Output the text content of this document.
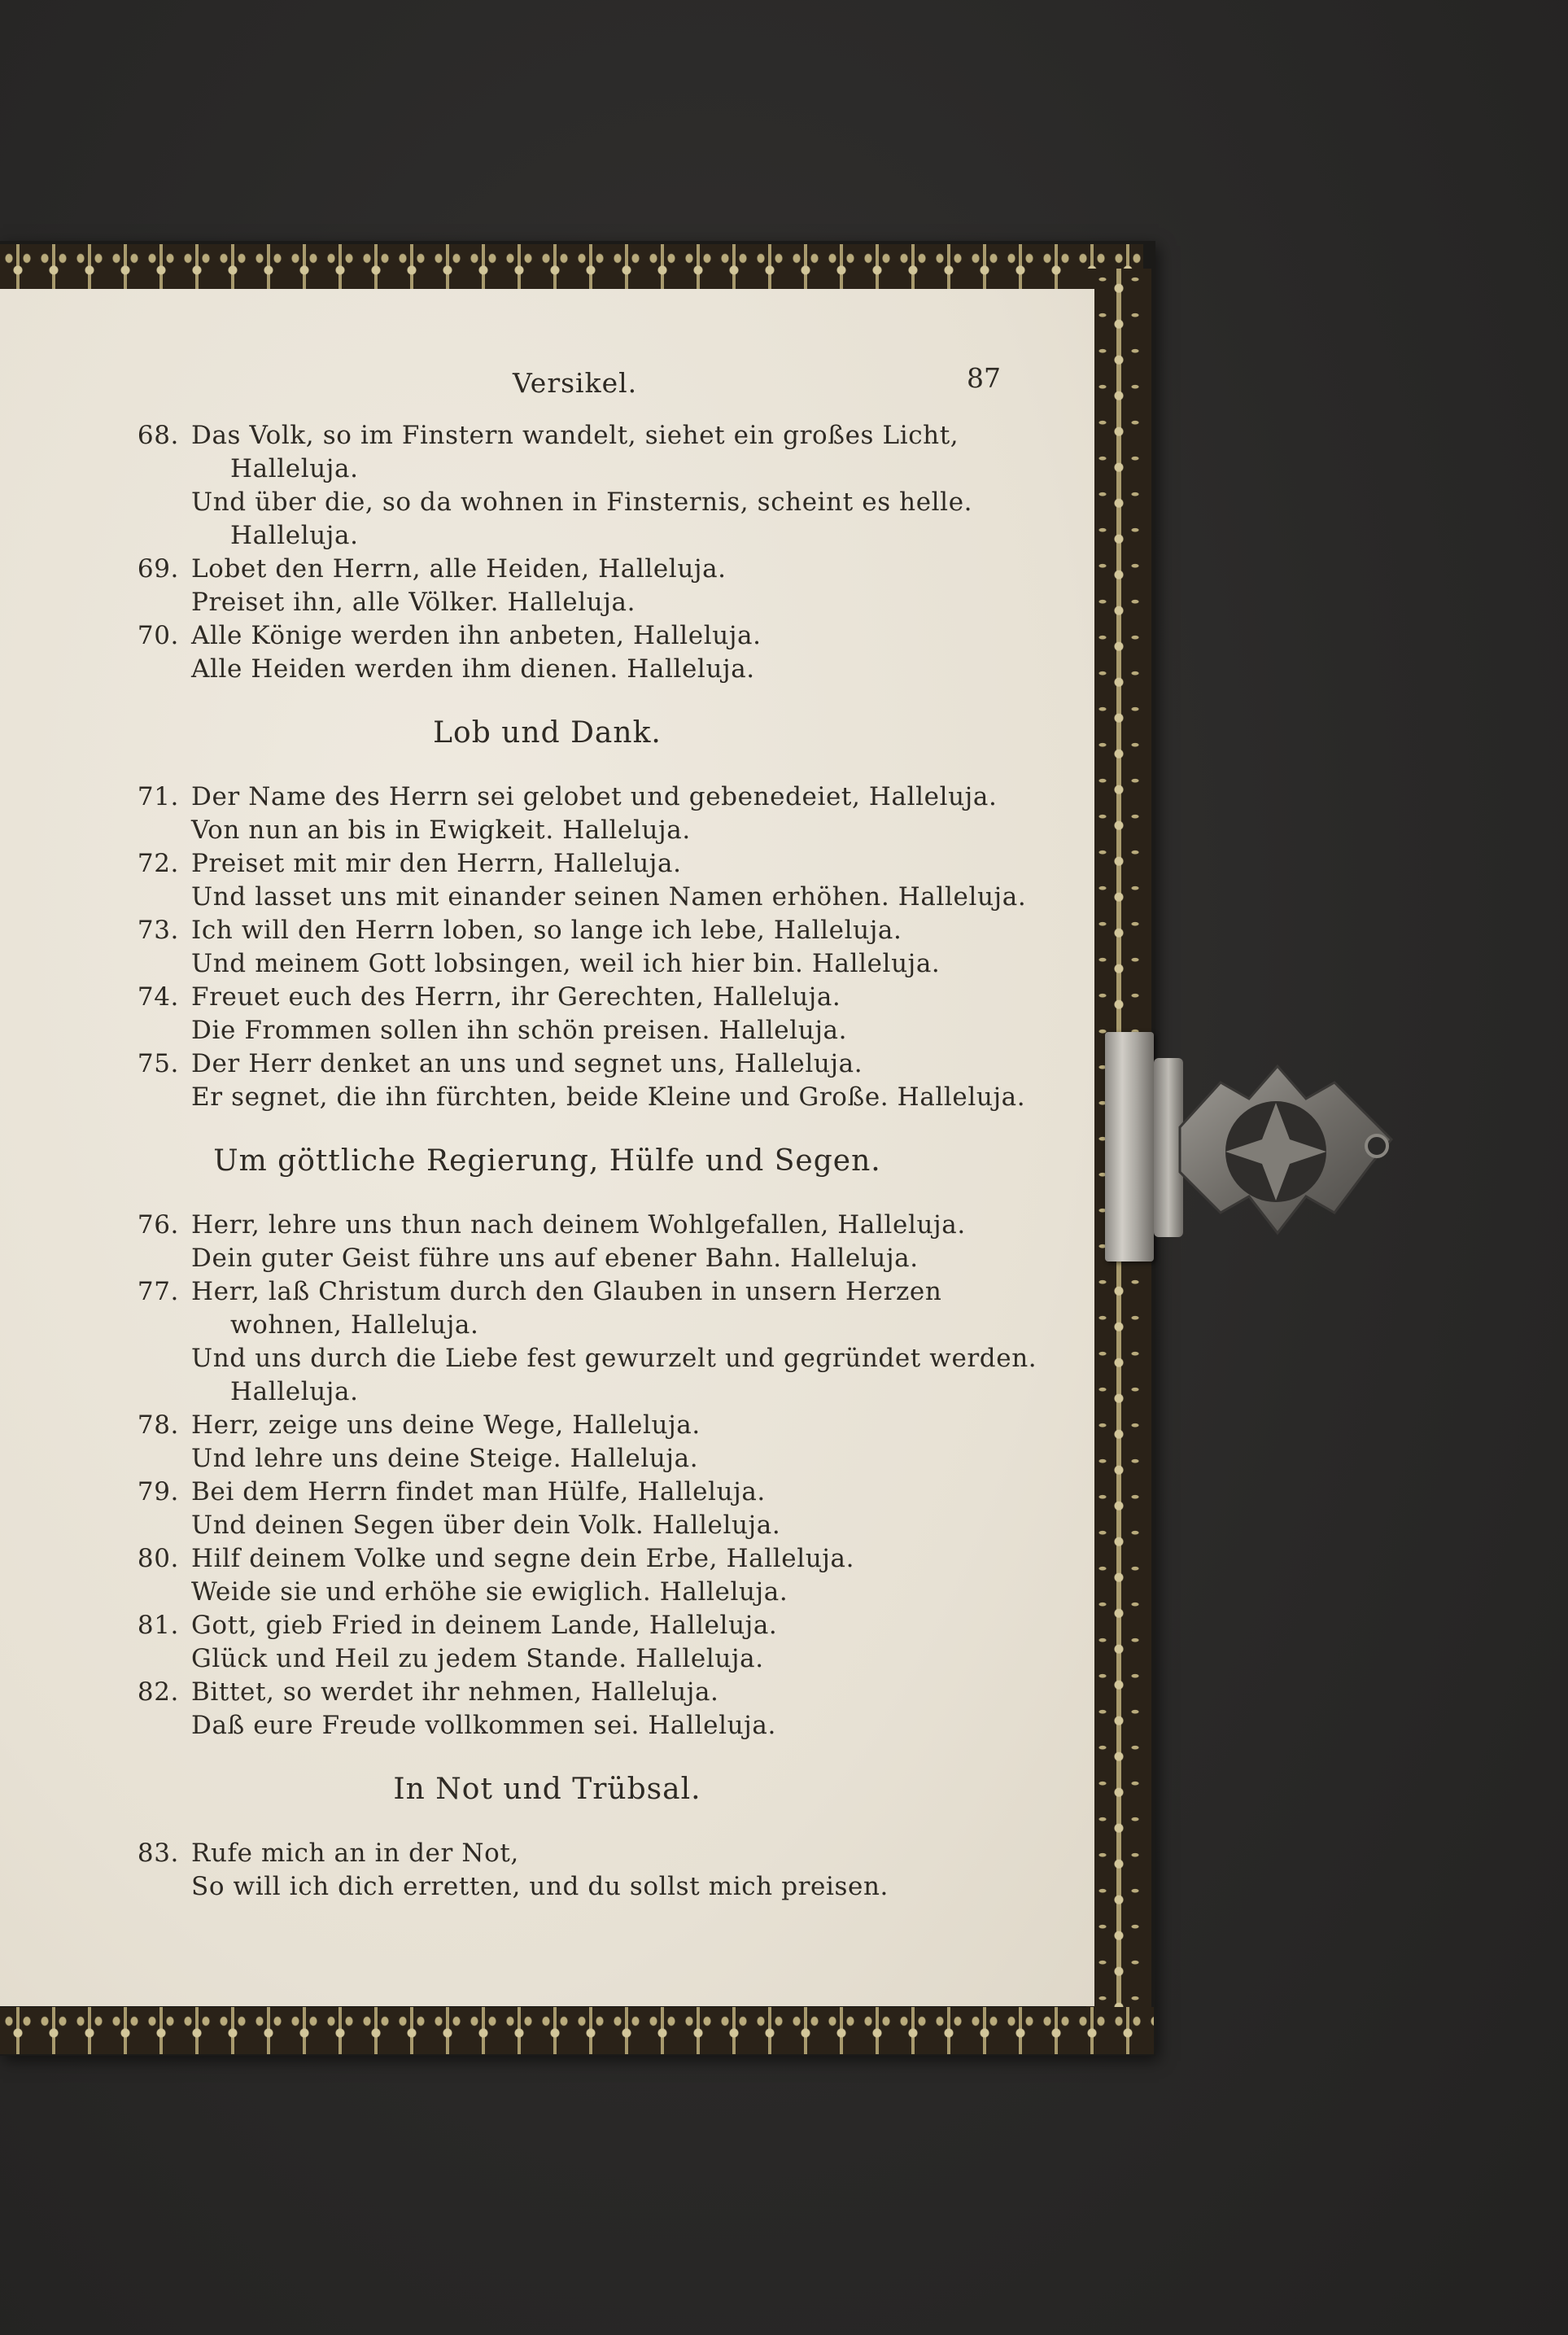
Versikel.	87
68. Das Volk, so im Finstern wandelt, siehet ein großes Licht,
Halleluja.
Und über die, so da wohnen in Finsternis, scheint es helle.
Halleluja.
69. Lobet den Herrn, alle Heiden, Halleluja.
Preiset ihn, alle Völker. Halleluja.
70. Alle Könige werden ihn anbeten, Halleluja.
Alle Heiden werden ihm dienen. Halleluja.
Lob und Dank.
71. Der Name des Herrn sei gelobet und gebenedeiet, Halleluja.
Von nun an bis in Ewigkeit. Halleluja.
72. Preiset mit mir den Herrn, Halleluja.
Und lasset uns mit einander seinen Namen erhöhen. Halleluja.
73. Ich will den Herrn loben, so lange ich lebe, Halleluja.
Und meinem Gott lobsingen, weil ich hier bin. Halleluja.
74. Freuet euch des Herrn, ihr Gerechten, Halleluja.
Die Frommen sollen ihn schön preisen. Halleluja.
75. Der Herr denket an uns und segnet uns, Halleluja.
Er segnet, die ihn fürchten, beide Kleine und Große. Halleluja.
Um göttliche Regierung, Hülfe und Segen.
76. Herr, lehre uns thun nach deinem Wohlgefallen, Halleluja.
Dein guter Geist führe uns auf ebener Bahn. Halleluja.
77. Herr, laß Christum durch den Glauben in unsern Herzen
wohnen, Halleluja.
Und uns durch die Liebe fest gewurzelt und gegründet werden.
Halleluja.
78. Herr, zeige uns deine Wege, Halleluja.
Und lehre uns deine Steige. Halleluja.
79. Bei dem Herrn findet man Hülfe, Halleluja.
Und deinen Segen über dein Volk. Halleluja.
80. Hilf deinem Volke und segne dein Erbe, Halleluja.
Weide sie und erhöhe sie ewiglich. Halleluja.
81. Gott, gieb Fried in deinem Lande, Halleluja.
Glück und Heil zu jedem Stande. Halleluja.
82. Bittet, so werdet ihr nehmen, Halleluja.
Daß eure Freude vollkommen sei. Halleluja.
In Not und Trübsal.
83. Rufe mich an in der Not,
So will ich dich erretten, und du sollst mich preisen.
